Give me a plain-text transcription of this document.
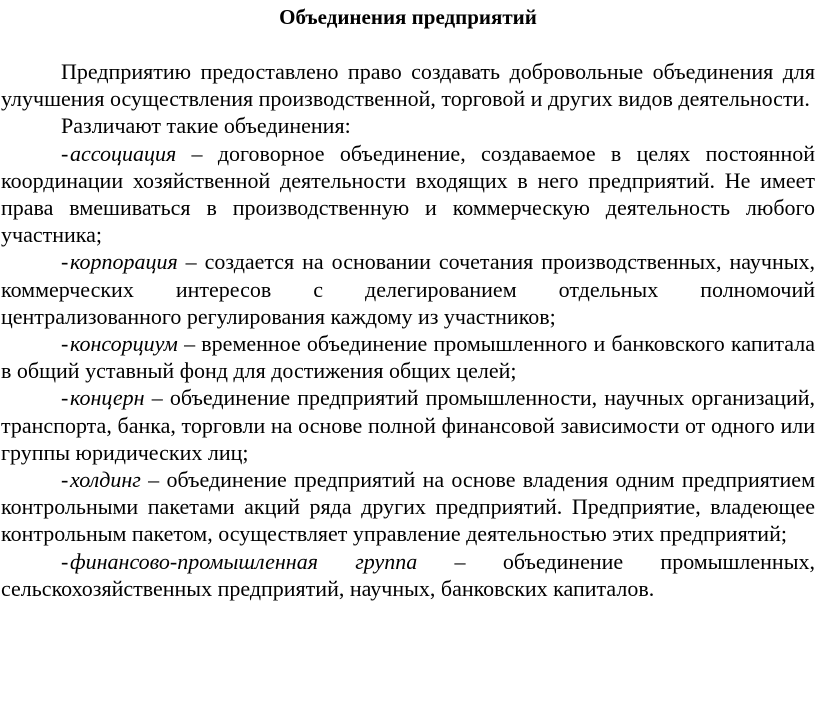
Объединения предприятий

Предприятию предоставлено право создавать добровольные объединения для улучшения осуществления производственной, торговой и других видов деятельности.

Различают такие объединения:

-ассоциация – договорное объединение, создаваемое в целях постоянной координации хозяйственной деятельности входящих в него предприятий. Не имеет права вмешиваться в производственную и коммерческую деятельность любого участника;

-корпорация – создается на основании сочетания производственных, научных, коммерческих интересов с делегированием отдельных полномочий централизованного регулирования каждому из участников;

-консорциум – временное объединение промышленного и банковского капитала в общий уставный фонд для достижения общих целей;

-концерн – объединение предприятий промышленности, научных организаций, транспорта, банка, торговли на основе полной финансовой зависимости от одного или группы юридических лиц;

-холдинг – объединение предприятий на основе владения одним предприятием контрольными пакетами акций ряда других предприятий. Предприятие, владеющее контрольным пакетом, осуществляет управление деятельностью этих предприятий;

-финансово-промышленная группа – объединение промышленных, сельскохозяйственных предприятий, научных, банковских капиталов.
